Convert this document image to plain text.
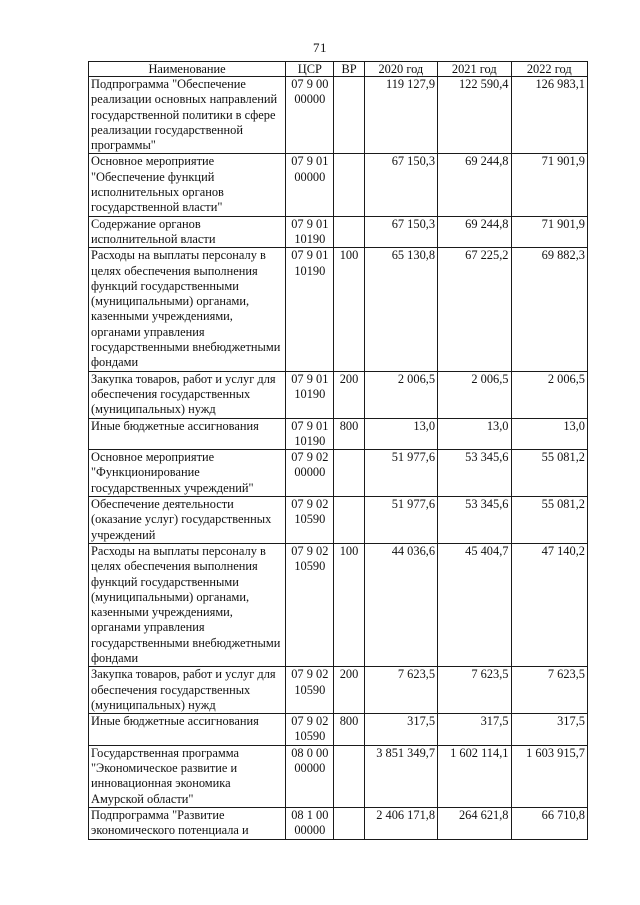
71
Наименование	ЦСР	ВР	2020 год	2021 год	2022 год
Подпрограмма "Обеспечение реализации основных направлений государственной политики в сфере реализации государственной программы"	07 9 00 00000		119 127,9	122 590,4	126 983,1
Основное мероприятие "Обеспечение функций исполнительных органов государственной власти"	07 9 01 00000		67 150,3	69 244,8	71 901,9
Содержание органов исполнительной власти	07 9 01 10190		67 150,3	69 244,8	71 901,9
Расходы на выплаты персоналу в целях обеспечения выполнения функций государственными (муниципальными) органами, казенными учреждениями, органами управления государственными внебюджетными фондами	07 9 01 10190	100	65 130,8	67 225,2	69 882,3
Закупка товаров, работ и услуг для обеспечения государственных (муниципальных) нужд	07 9 01 10190	200	2 006,5	2 006,5	2 006,5
Иные бюджетные ассигнования	07 9 01 10190	800	13,0	13,0	13,0
Основное мероприятие "Функционирование государственных учреждений"	07 9 02 00000		51 977,6	53 345,6	55 081,2
Обеспечение деятельности (оказание услуг) государственных учреждений	07 9 02 10590		51 977,6	53 345,6	55 081,2
Расходы на выплаты персоналу в целях обеспечения выполнения функций государственными (муниципальными) органами, казенными учреждениями, органами управления государственными внебюджетными фондами	07 9 02 10590	100	44 036,6	45 404,7	47 140,2
Закупка товаров, работ и услуг для обеспечения государственных (муниципальных) нужд	07 9 02 10590	200	7 623,5	7 623,5	7 623,5
Иные бюджетные ассигнования	07 9 02 10590	800	317,5	317,5	317,5
Государственная программа "Экономическое развитие и инновационная экономика Амурской области"	08 0 00 00000		3 851 349,7	1 602 114,1	1 603 915,7
Подпрограмма "Развитие экономического потенциала и	08 1 00 00000		2 406 171,8	264 621,8	66 710,8
